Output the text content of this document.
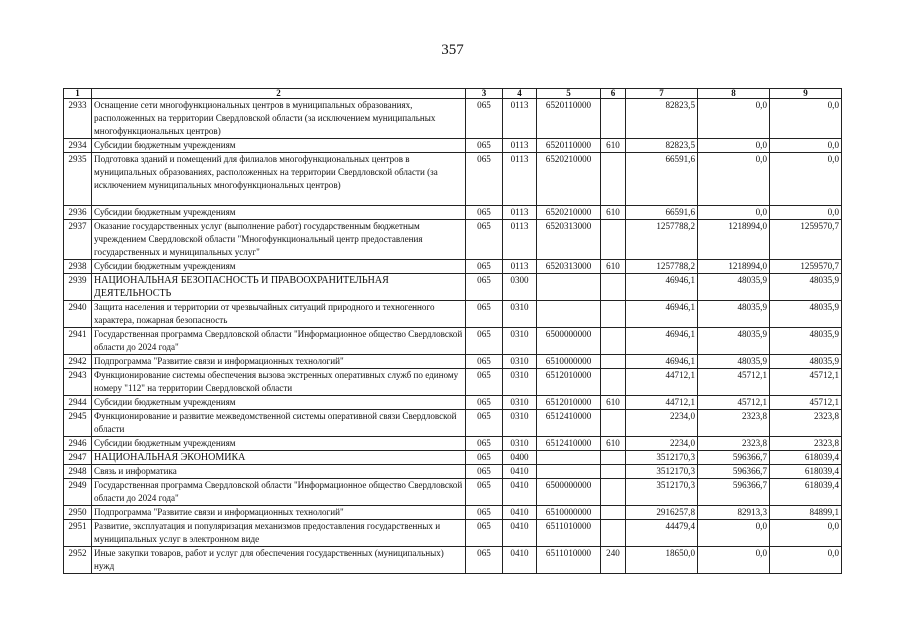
357
1	2	3	4	5	6	7	8	9
2933	Оснащение сети многофункциональных центров в муниципальных образованиях, расположенных на территории Свердловской области (за исключением муниципальных многофункциональных центров)	065	0113	6520110000		82823,5	0,0	0,0
2934	Субсидии бюджетным учреждениям	065	0113	6520110000	610	82823,5	0,0	0,0
2935	Подготовка зданий и помещений для филиалов многофункциональных центров в муниципальных образованиях, расположенных на территории Свердловской области (за исключением муниципальных многофункциональных центров)	065	0113	6520210000		66591,6	0,0	0,0
2936	Субсидии бюджетным учреждениям	065	0113	6520210000	610	66591,6	0,0	0,0
2937	Оказание государственных услуг (выполнение работ) государственным бюджетным учреждением Свердловской области "Многофункциональный центр предоставления государственных и муниципальных услуг"	065	0113	6520313000		1257788,2	1218994,0	1259570,7
2938	Субсидии бюджетным учреждениям	065	0113	6520313000	610	1257788,2	1218994,0	1259570,7
2939	НАЦИОНАЛЬНАЯ БЕЗОПАСНОСТЬ И ПРАВООХРАНИТЕЛЬНАЯ ДЕЯТЕЛЬНОСТЬ	065	0300			46946,1	48035,9	48035,9
2940	Защита населения и территории от чрезвычайных ситуаций природного и техногенного характера, пожарная безопасность	065	0310			46946,1	48035,9	48035,9
2941	Государственная программа Свердловской области "Информационное общество Свердловской области до 2024 года"	065	0310	6500000000		46946,1	48035,9	48035,9
2942	Подпрограмма "Развитие связи и информационных технологий"	065	0310	6510000000		46946,1	48035,9	48035,9
2943	Функционирование системы обеспечения вызова экстренных оперативных служб по единому номеру "112" на территории Свердловской области	065	0310	6512010000		44712,1	45712,1	45712,1
2944	Субсидии бюджетным учреждениям	065	0310	6512010000	610	44712,1	45712,1	45712,1
2945	Функционирование и развитие межведомственной системы оперативной связи Свердловской области	065	0310	6512410000		2234,0	2323,8	2323,8
2946	Субсидии бюджетным учреждениям	065	0310	6512410000	610	2234,0	2323,8	2323,8
2947	НАЦИОНАЛЬНАЯ ЭКОНОМИКА	065	0400			3512170,3	596366,7	618039,4
2948	Связь и информатика	065	0410			3512170,3	596366,7	618039,4
2949	Государственная программа Свердловской области "Информационное общество Свердловской области до 2024 года"	065	0410	6500000000		3512170,3	596366,7	618039,4
2950	Подпрограмма "Развитие связи и информационных технологий"	065	0410	6510000000		2916257,8	82913,3	84899,1
2951	Развитие, эксплуатация и популяризация механизмов предоставления государственных и муниципальных услуг в электронном виде	065	0410	6511010000		44479,4	0,0	0,0
2952	Иные закупки товаров, работ и услуг для обеспечения государственных (муниципальных) нужд	065	0410	6511010000	240	18650,0	0,0	0,0
